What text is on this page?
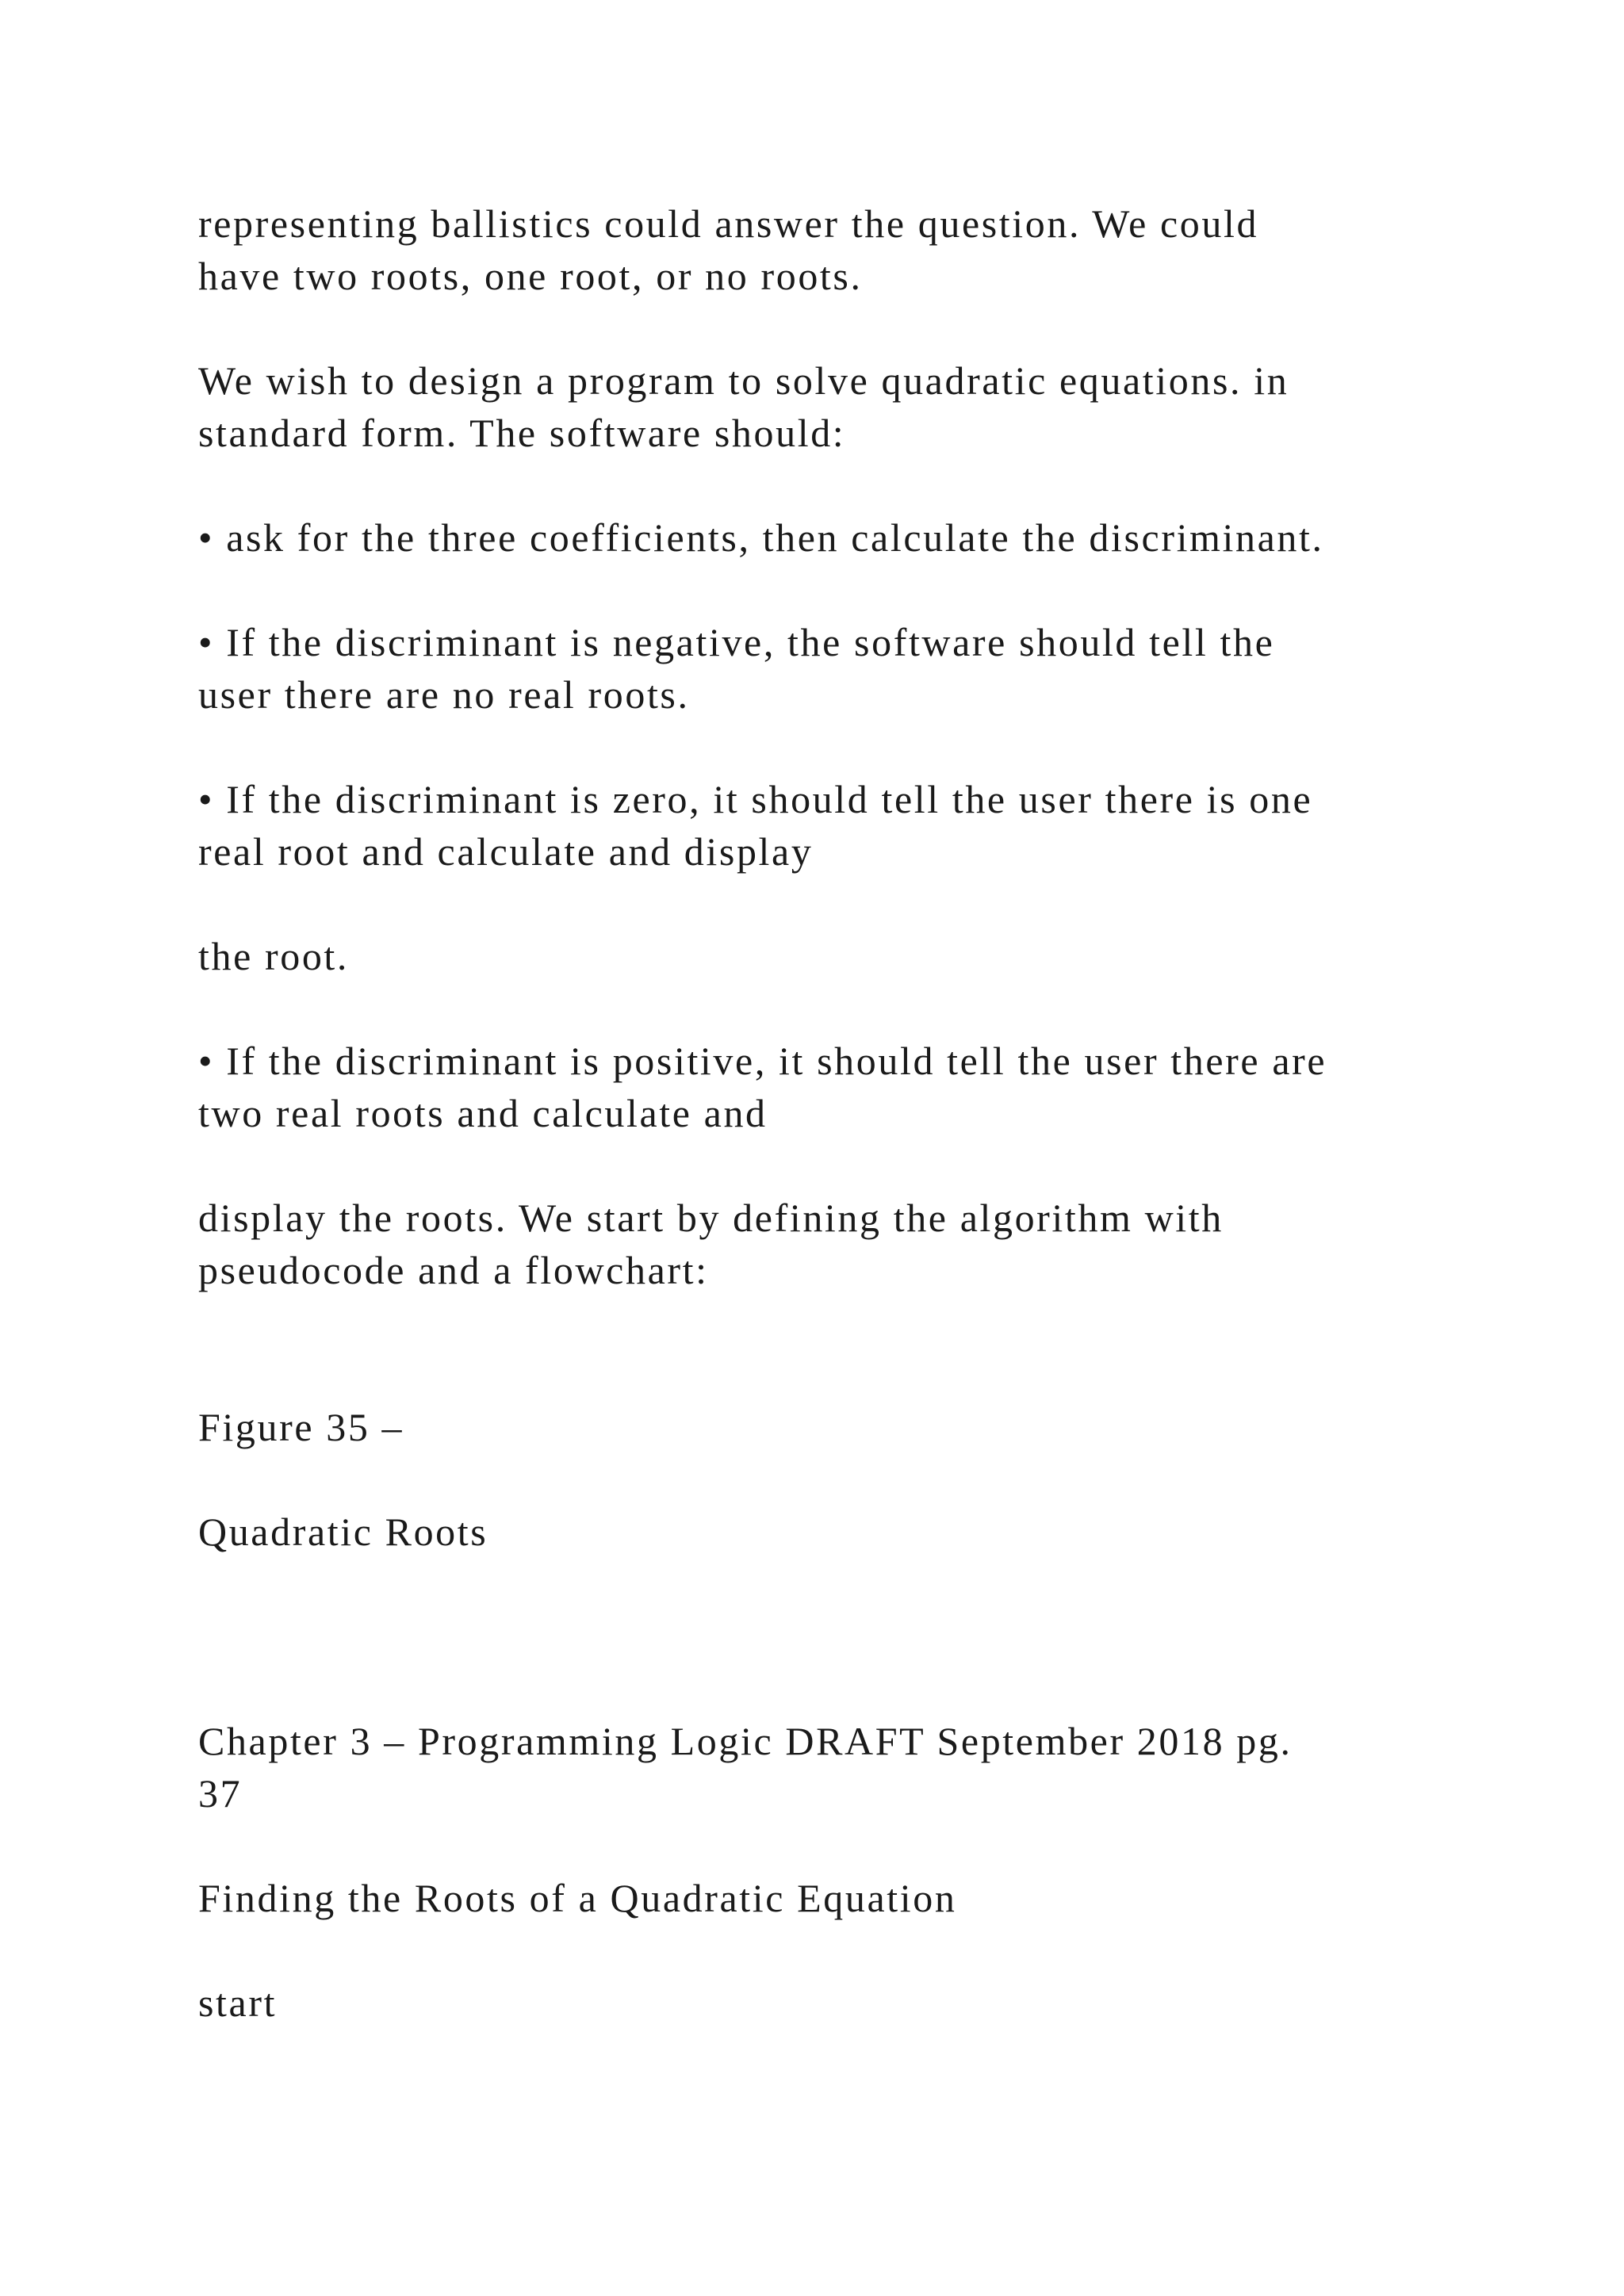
representing ballistics could answer the question. We could
have two roots, one root, or no roots.
We wish to design a program to solve quadratic equations. in
standard form. The software should:
• ask for the three coefficients, then calculate the discriminant.
• If the discriminant is negative, the software should tell the
user there are no real roots.
• If the discriminant is zero, it should tell the user there is one
real root and calculate and display
the root.
• If the discriminant is positive, it should tell the user there are
two real roots and calculate and
display the roots. We start by defining the algorithm with
pseudocode and a flowchart:
Figure 35 –
Quadratic Roots
Chapter 3 – Programming Logic DRAFT September 2018 pg.
37
Finding the Roots of a Quadratic Equation
start
